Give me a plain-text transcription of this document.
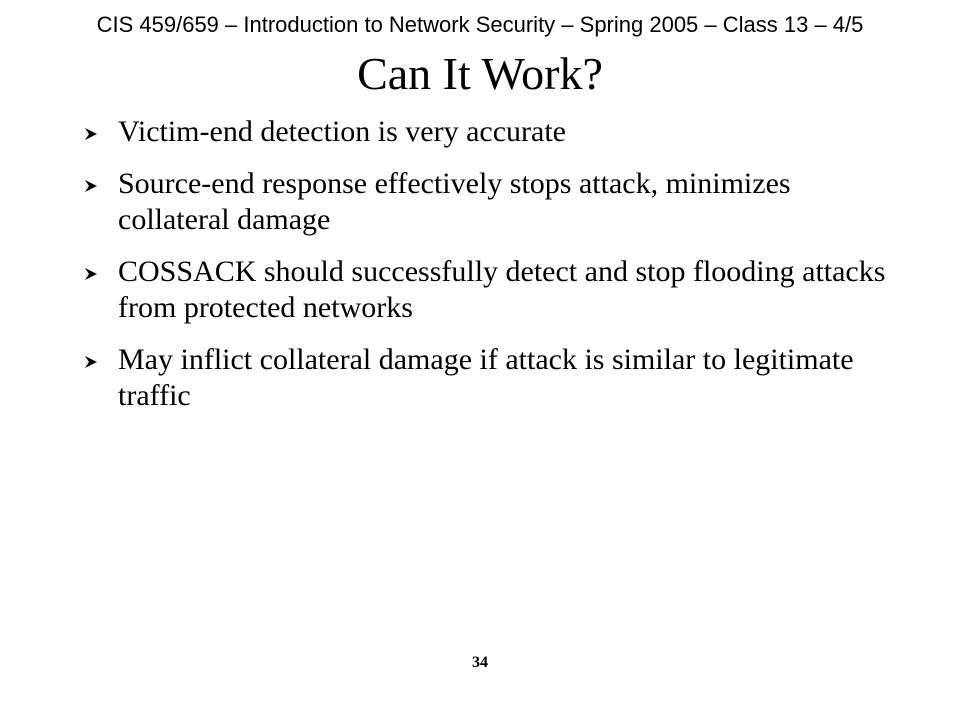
CIS 459/659 – Introduction to Network Security – Spring 2005 – Class 13 – 4/5
Can It Work?
Victim-end detection is very accurate
Source-end response effectively stops attack, minimizes collateral damage
COSSACK should successfully detect and stop flooding attacks from protected networks
May inflict collateral damage if attack is similar to legitimate traffic
34
